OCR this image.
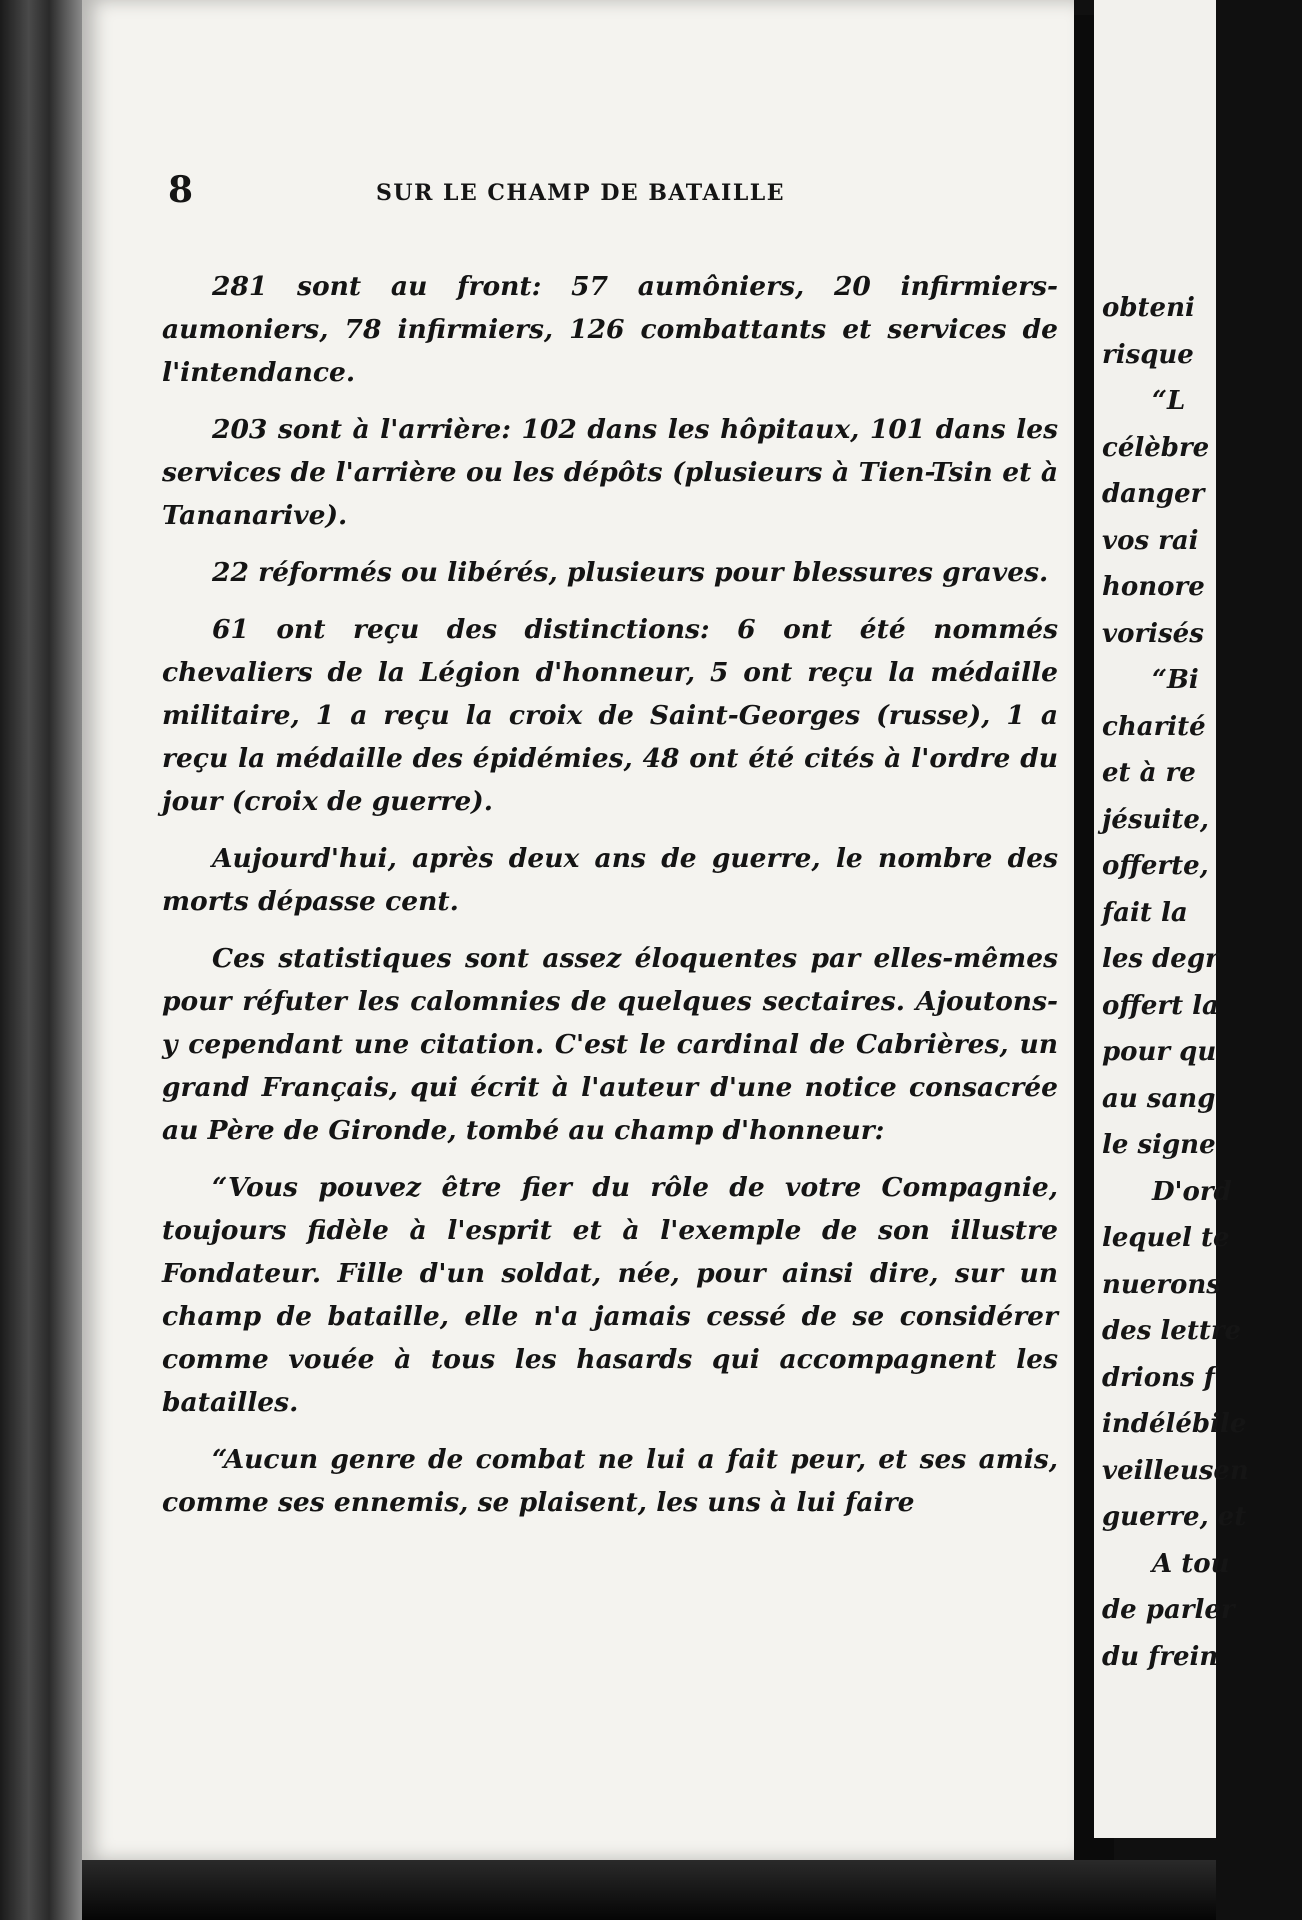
8	SUR LE CHAMP DE BATAILLE

281 sont au front: 57 aumôniers, 20 infirmiers-aumoniers, 78 infirmiers, 126 combattants et services de l'intendance.

203 sont à l'arrière: 102 dans les hôpitaux, 101 dans les services de l'arrière ou les dépôts (plusieurs à Tien-Tsin et à Tananarive).

22 réformés ou libérés, plusieurs pour blessures graves.

61 ont reçu des distinctions: 6 ont été nommés chevaliers de la Légion d'honneur, 5 ont reçu la médaille militaire, 1 a reçu la croix de Saint-Georges (russe), 1 a reçu la médaille des épidémies, 48 ont été cités à l'ordre du jour (croix de guerre).

Aujourd'hui, après deux ans de guerre, le nombre des morts dépasse cent.

Ces statistiques sont assez éloquentes par elles-mêmes pour réfuter les calomnies de quelques sectaires. Ajoutons-y cependant une citation. C'est le cardinal de Cabrières, un grand Français, qui écrit à l'auteur d'une notice consacrée au Père de Gironde, tombé au champ d'honneur:

“Vous pouvez être fier du rôle de votre Compagnie, toujours fidèle à l'esprit et à l'exemple de son illustre Fondateur. Fille d'un soldat, née, pour ainsi dire, sur un champ de bataille, elle n'a jamais cessé de se considérer comme vouée à tous les hasards qui accompagnent les batailles.

“Aucun genre de combat ne lui a fait peur, et ses amis, comme ses ennemis, se plaisent, les uns à lui faire

obteni
risque
“L
célèbre
danger
vos rai
honore
vorisés
“Bi
charité
et à re
jésuite,
offerte,
fait la
les degr
offert la
pour qu
au sang
le signe
D'ord
lequel te
nuerons
des lettre
drions f
indélébile
veilleusen
guerre, et
A tou
de parler
du frein
